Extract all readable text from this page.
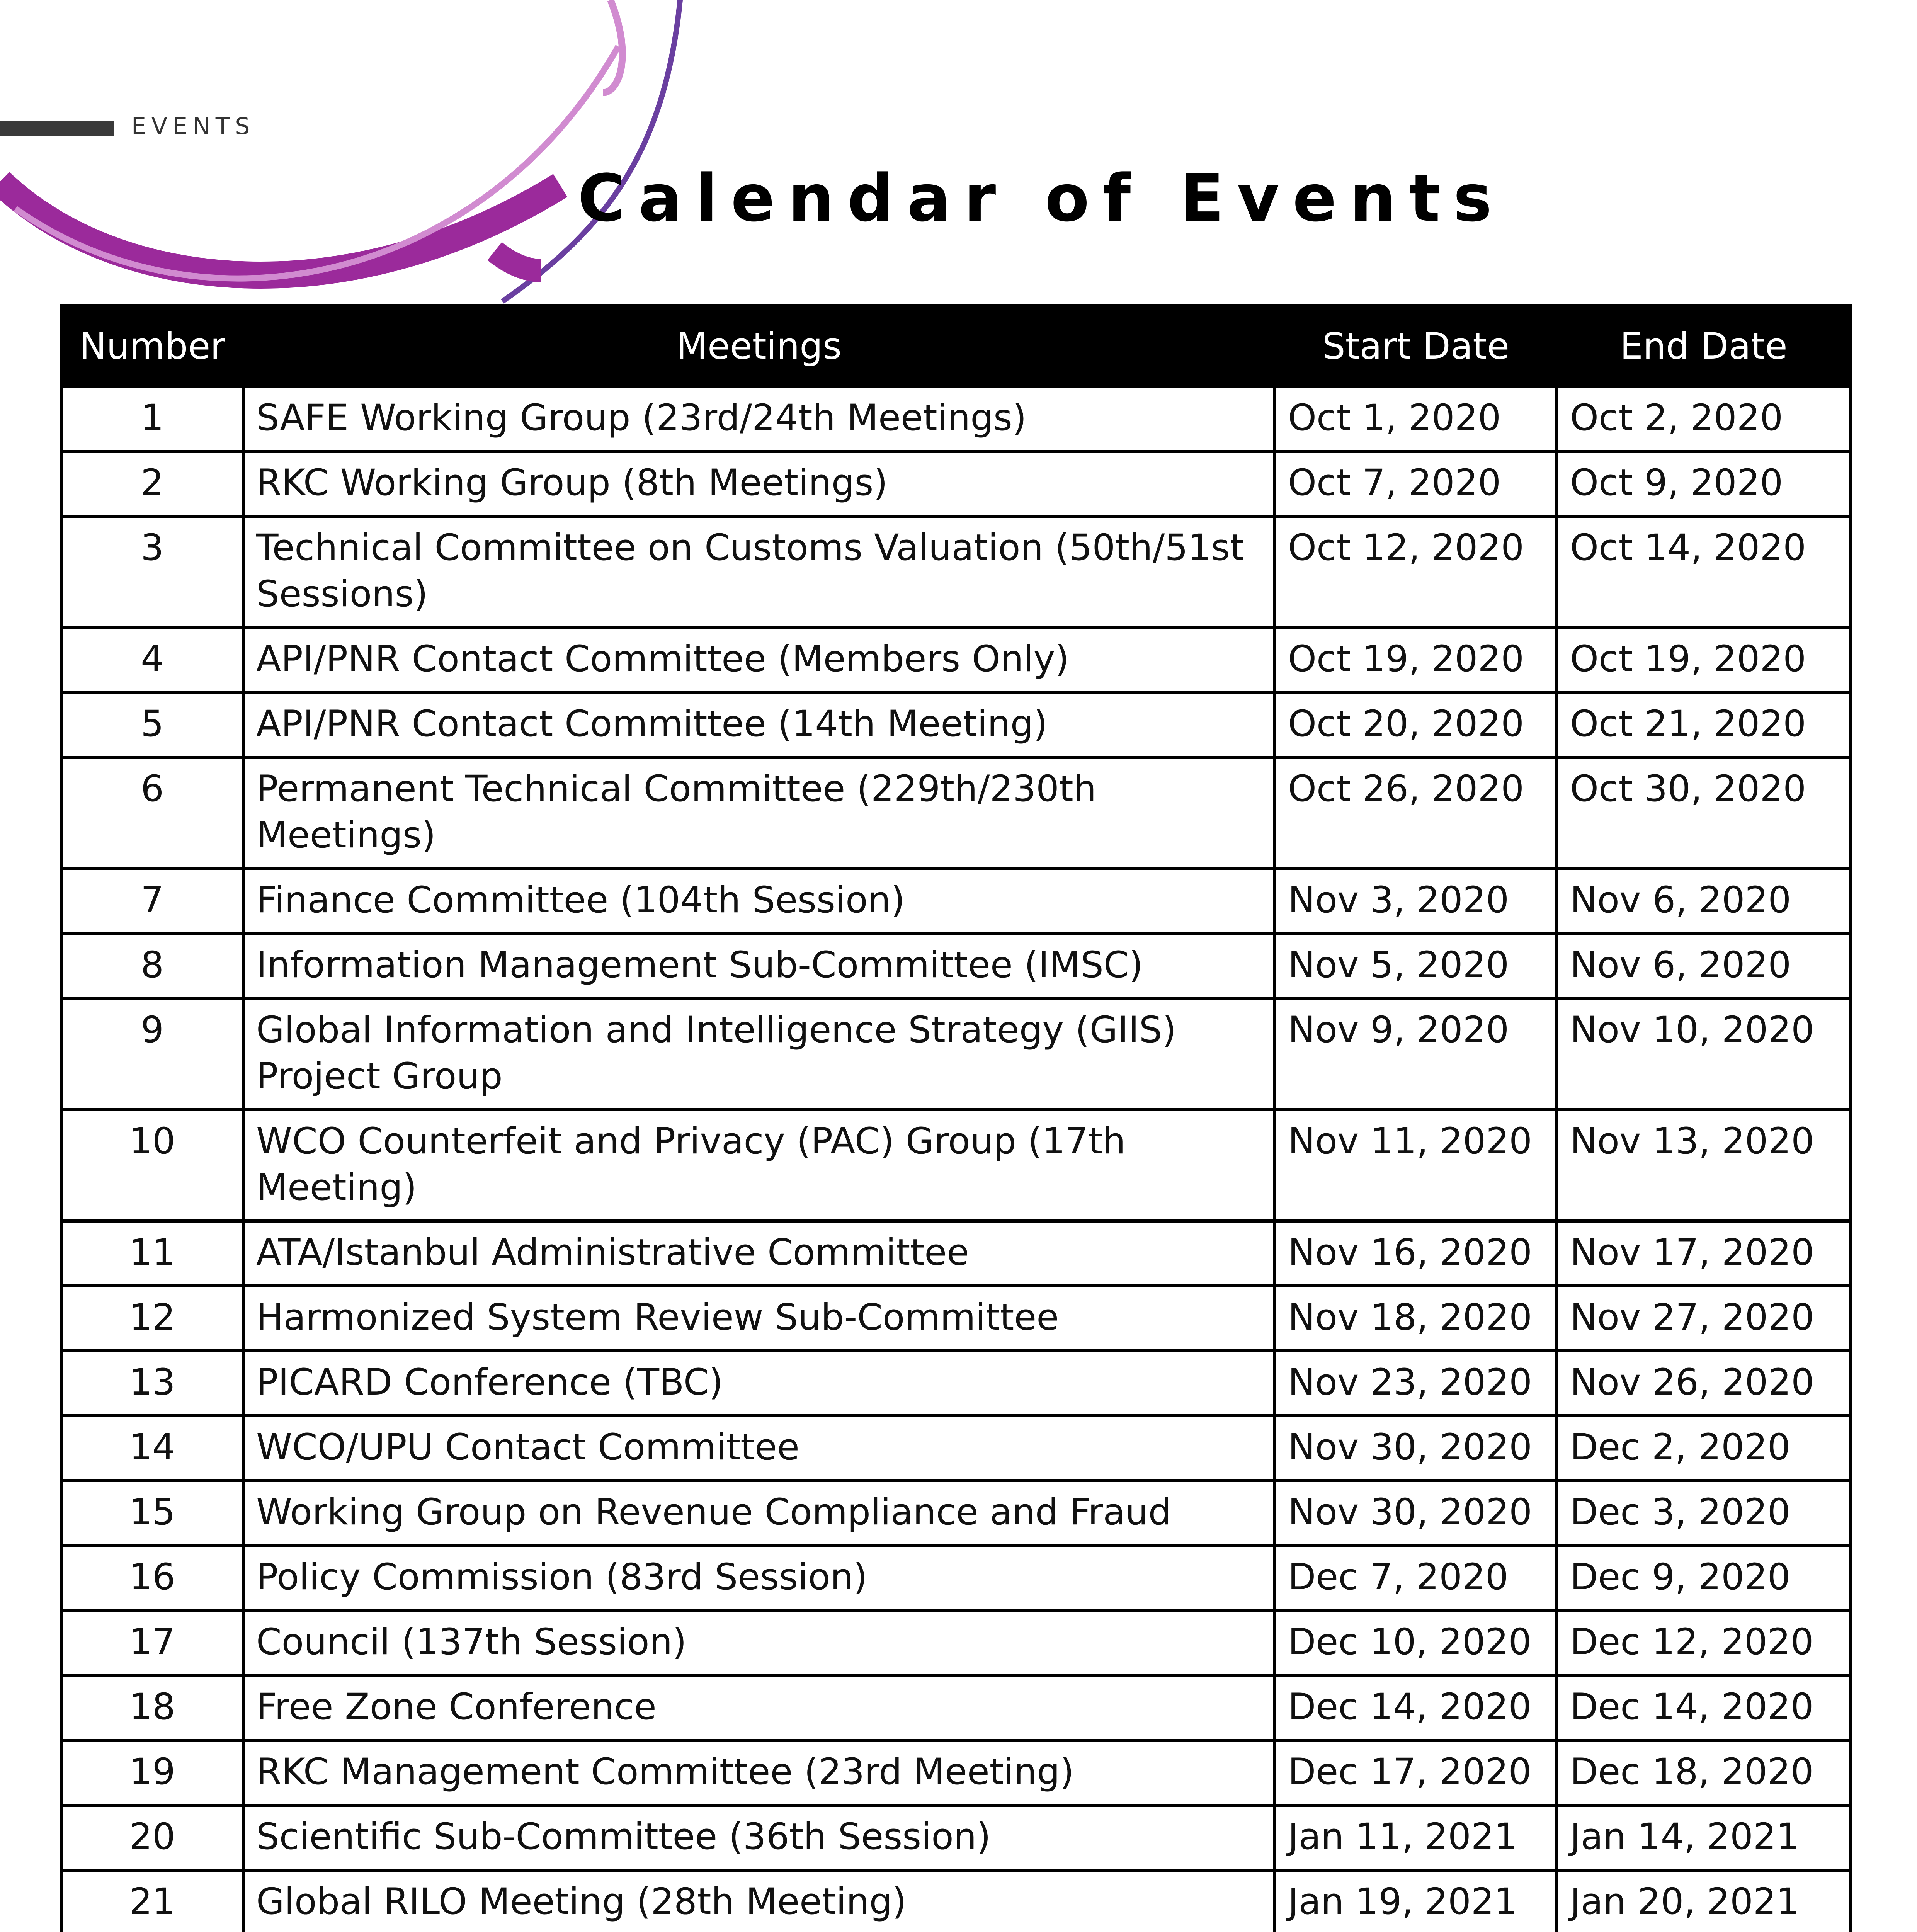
EVENTS
Calendar of Events
Number	Meetings	Start Date	End Date
1	SAFE Working Group (23rd/24th Meetings)	Oct 1, 2020	Oct 2, 2020
2	RKC Working Group (8th Meetings)	Oct 7, 2020	Oct 9, 2020
3	Technical Committee on Customs Valuation (50th/51st Sessions)	Oct 12, 2020	Oct 14, 2020
4	API/PNR Contact Committee (Members Only)	Oct 19, 2020	Oct 19, 2020
5	API/PNR Contact Committee (14th Meeting)	Oct 20, 2020	Oct 21, 2020
6	Permanent Technical Committee (229th/230th Meetings)	Oct 26, 2020	Oct 30, 2020
7	Finance Committee (104th Session)	Nov 3, 2020	Nov 6, 2020
8	Information Management Sub-Committee (IMSC)	Nov 5, 2020	Nov 6, 2020
9	Global Information and Intelligence Strategy (GIIS) Project Group	Nov 9, 2020	Nov 10, 2020
10	WCO Counterfeit and Privacy (PAC) Group (17th Meeting)	Nov 11, 2020	Nov 13, 2020
11	ATA/Istanbul Administrative Committee	Nov 16, 2020	Nov 17, 2020
12	Harmonized System Review Sub-Committee	Nov 18, 2020	Nov 27, 2020
13	PICARD Conference (TBC)	Nov 23, 2020	Nov 26, 2020
14	WCO/UPU Contact Committee	Nov 30, 2020	Dec 2, 2020
15	Working Group on Revenue Compliance and Fraud	Nov 30, 2020	Dec 3, 2020
16	Policy Commission (83rd Session)	Dec 7, 2020	Dec 9, 2020
17	Council (137th Session)	Dec 10, 2020	Dec 12, 2020
18	Free Zone Conference	Dec 14, 2020	Dec 14, 2020
19	RKC Management Committee (23rd Meeting)	Dec 17, 2020	Dec 18, 2020
20	Scientific Sub-Committee (36th Session)	Jan 11, 2021	Jan 14, 2021
21	Global RILO Meeting (28th Meeting)	Jan 19, 2021	Jan 20, 2021
